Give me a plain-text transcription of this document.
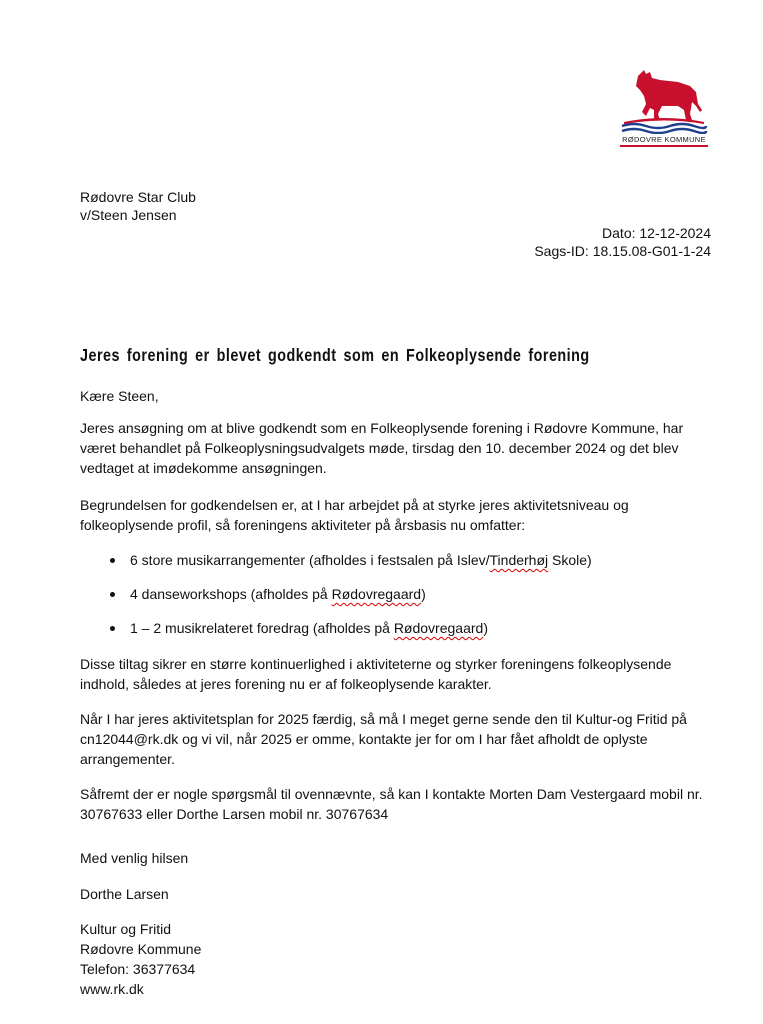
RØDOVRE KOMMUNE
Rødovre Star Club
v/Steen Jensen
Dato: 12-12-2024
Sags-ID: 18.15.08-G01-1-24
Jeres forening er blevet godkendt som en Folkeoplysende forening
Kære Steen,
Jeres ansøgning om at blive godkendt som en Folkeoplysende forening i Rødovre Kommune, har været behandlet på Folkeoplysningsudvalgets møde, tirsdag den 10. december 2024 og det blev vedtaget at imødekomme ansøgningen.
Begrundelsen for godkendelsen er, at I har arbejdet på at styrke jeres aktivitetsniveau og folkeoplysende profil, så foreningens aktiviteter på årsbasis nu omfatter:
6 store musikarrangementer (afholdes i festsalen på Islev/Tinderhøj Skole)
4 danseworkshops (afholdes på Rødovregaard)
1 – 2 musikrelateret foredrag (afholdes på Rødovregaard)
Disse tiltag sikrer en større kontinuerlighed i aktiviteterne og styrker foreningens folkeoplysende indhold, således at jeres forening nu er af folkeoplysende karakter.
Når I har jeres aktivitetsplan for 2025 færdig, så må I meget gerne sende den til Kultur-og Fritid på cn12044@rk.dk og vi vil, når 2025 er omme, kontakte jer for om I har fået afholdt de oplyste arrangementer.
Såfremt der er nogle spørgsmål til ovennævnte, så kan I kontakte Morten Dam Vestergaard mobil nr. 30767633 eller Dorthe Larsen mobil nr. 30767634
Med venlig hilsen
Dorthe Larsen
Kultur og Fritid
Rødovre Kommune
Telefon: 36377634
www.rk.dk
